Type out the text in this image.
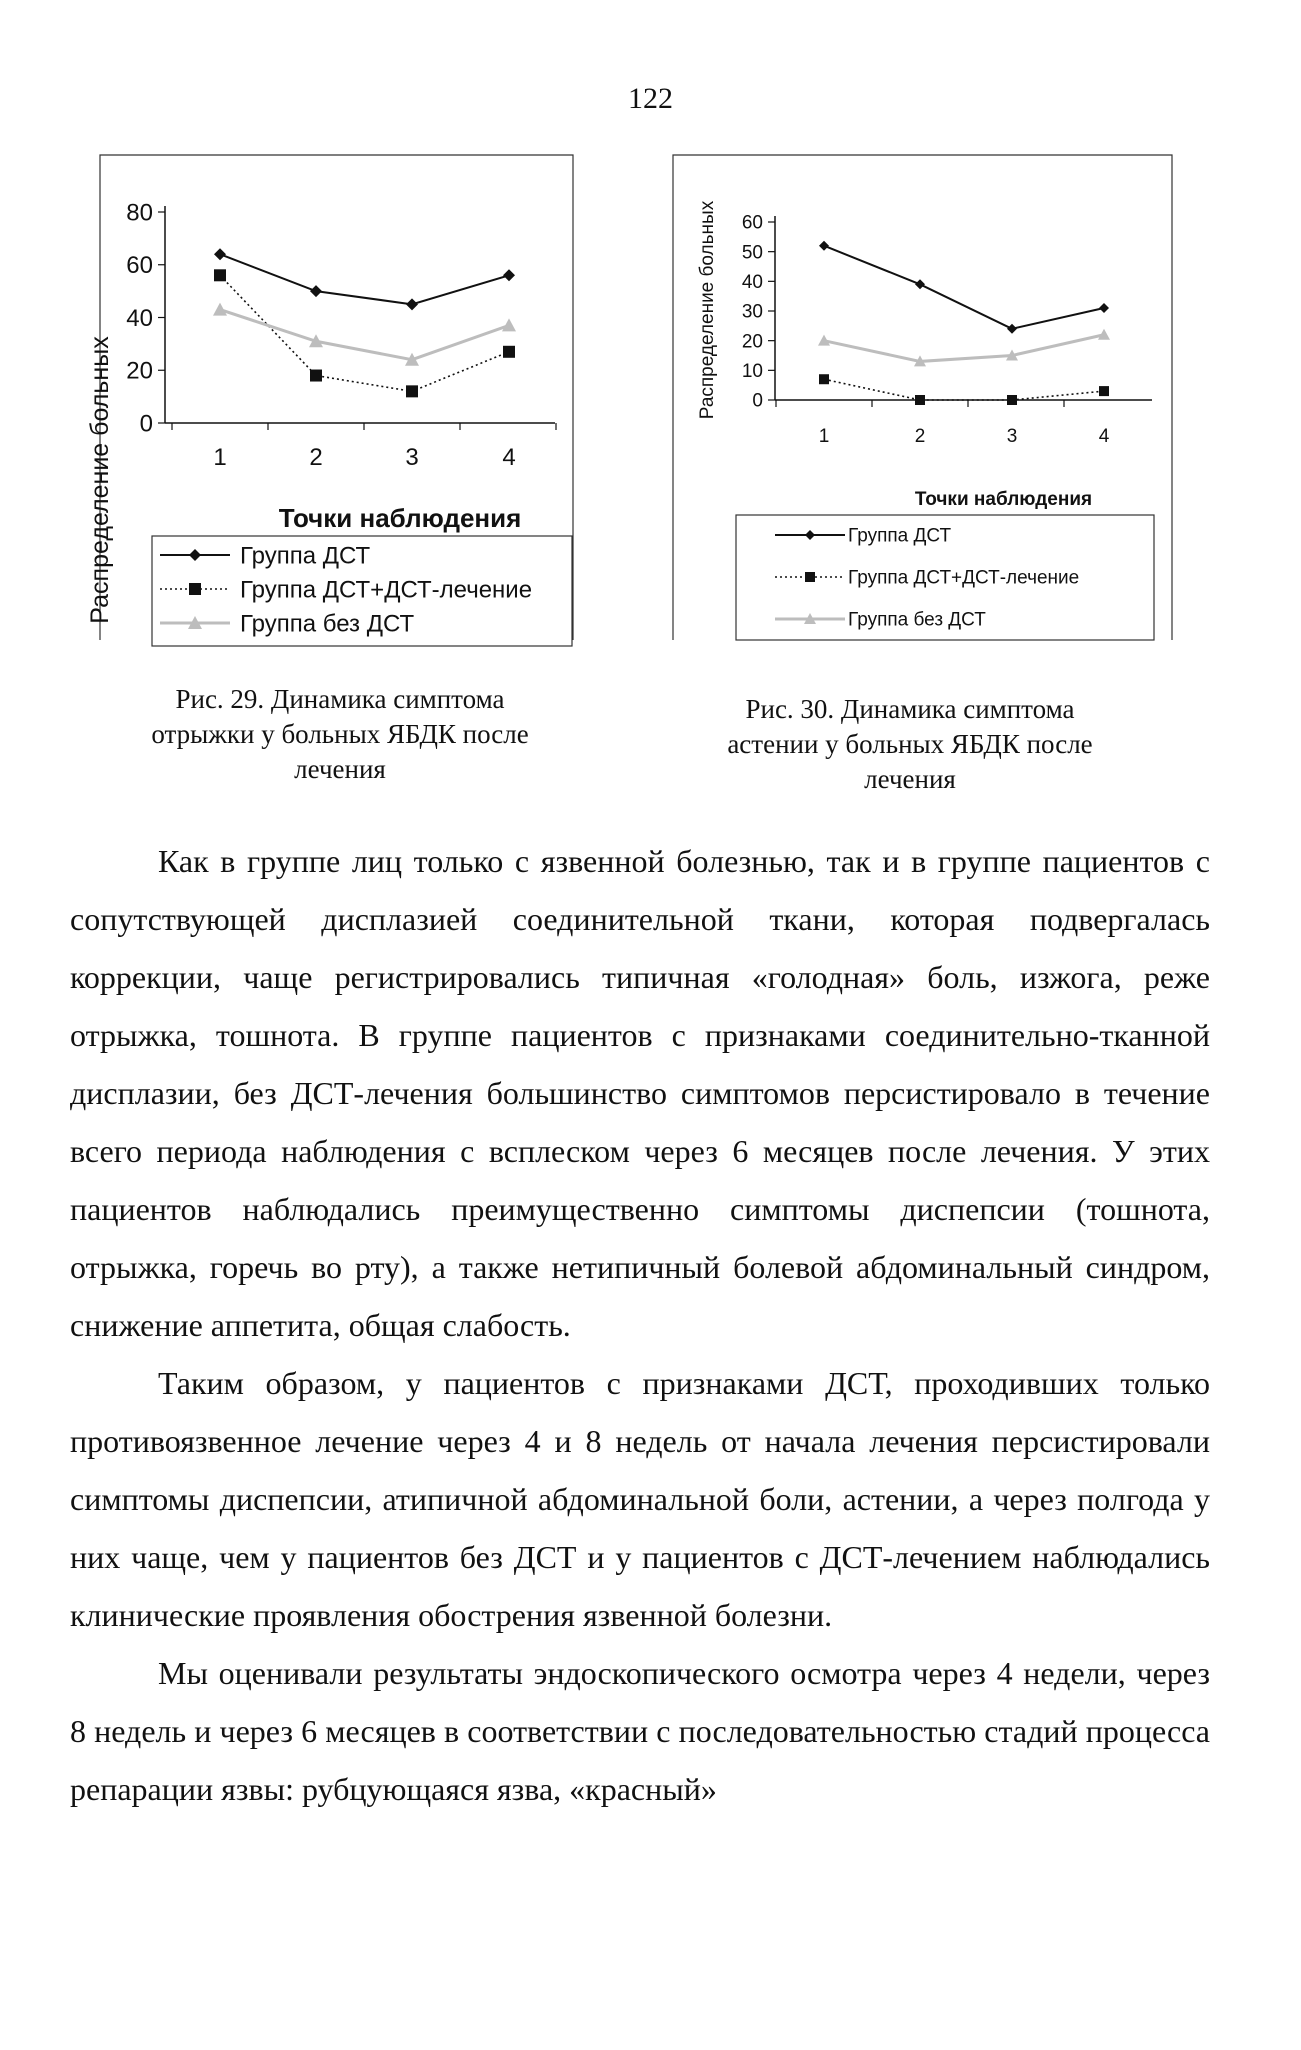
122
0
20
40
60
80
1	2	3	4
Распределение больных	Точки наблюдения
Группа ДСТ
Группа ДСТ+ДСТ-лечение
Группа без ДСТ
0
10
20
30
40
50
60
1	2	3	4
Распределение больных
Точки наблюдения
Группа ДСТ
Группа ДСТ+ДСТ-лечение
Группа без ДСТ
Рис. 29. Динамика симптома
отрыжки у больных ЯБДК после
лечения
Рис. 30. Динамика симптома
астении у больных ЯБДК после
лечения

Как в группе лиц только с язвенной болезнью, так и в группе пациентов с сопутствующей дисплазией соединительной ткани, которая подвергалась коррекции, чаще регистрировались типичная «голодная» боль, изжога, реже отрыжка, тошнота. В группе пациентов с признаками соединительно-тканной дисплазии, без ДСТ-лечения большинство симптомов персистировало в течение всего периода наблюдения с всплеском через 6 месяцев после лечения. У этих пациентов наблюдались преимущественно симптомы диспепсии (тошнота, отрыжка, горечь во рту), а также нетипичный болевой абдоминальный синдром, снижение аппетита, общая слабость.

Таким образом, у пациентов с признаками ДСТ, проходивших только противоязвенное лечение через 4 и 8 недель от начала лечения персистировали симптомы диспепсии, атипичной абдоминальной боли, астении, а через полгода у них чаще, чем у пациентов без ДСТ и у пациентов с ДСТ-лечением наблюдались клинические проявления обострения язвенной болезни.

Мы оценивали результаты эндоскопического осмотра через 4 недели, через 8 недель и через 6 месяцев в соответствии с последовательностью стадий процесса репарации язвы: рубцующаяся язва, «красный»
